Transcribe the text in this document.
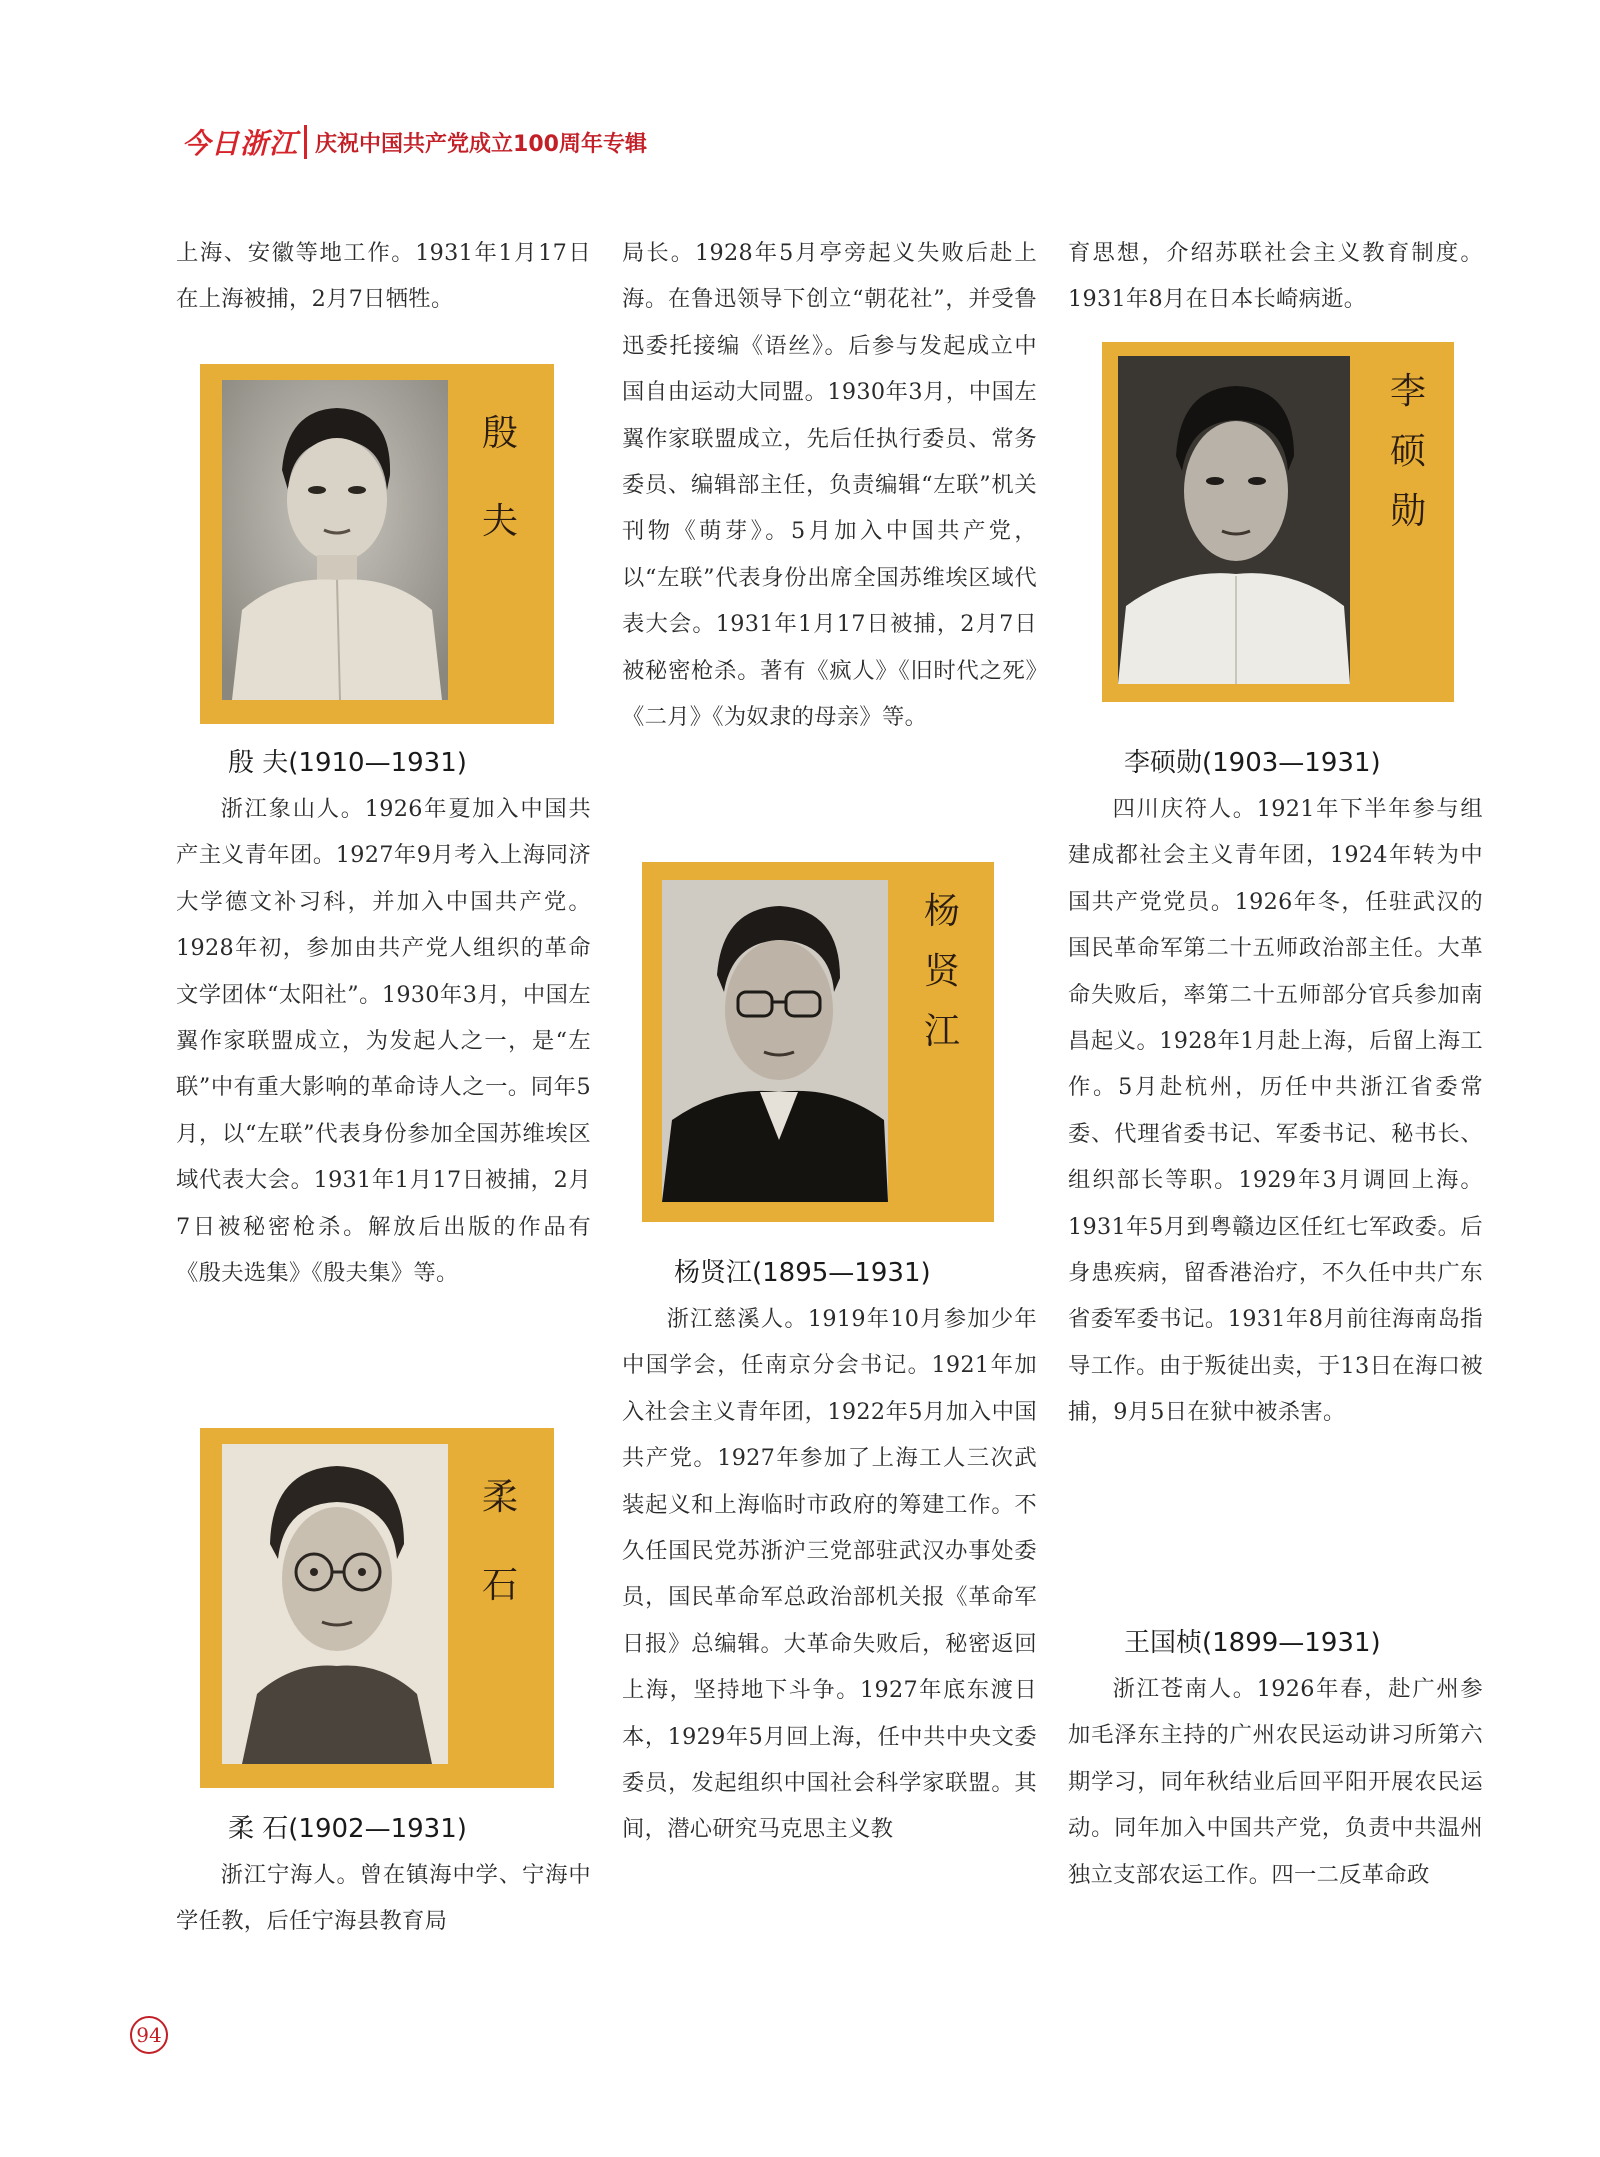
今日浙江 庆祝中国共产党成立100周年专辑

上海、安徽等地工作。1931年1月17日在上海被捕，2月7日牺牲。

殷
夫
殷 夫(1910—1931)

浙江象山人。1926年夏加入中国共产主义青年团。1927年9月考入上海同济大学德文补习科，并加入中国共产党。1928年初，参加由共产党人组织的革命文学团体“太阳社”。1930年3月，中国左翼作家联盟成立，为发起人之一，是“左联”中有重大影响的革命诗人之一。同年5月，以“左联”代表身份参加全国苏维埃区域代表大会。1931年1月17日被捕，2月7日被秘密枪杀。解放后出版的作品有《殷夫选集》《殷夫集》等。

柔
石
柔 石(1902—1931)

浙江宁海人。曾在镇海中学、宁海中学任教，后任宁海县教育局

局长。1928年5月亭旁起义失败后赴上海。在鲁迅领导下创立“朝花社”，并受鲁迅委托接编《语丝》。后参与发起成立中国自由运动大同盟。1930年3月，中国左翼作家联盟成立，先后任执行委员、常务委员、编辑部主任，负责编辑“左联”机关刊物《萌芽》。5月加入中国共产党，以“左联”代表身份出席全国苏维埃区域代表大会。1931年1月17日被捕，2月7日被秘密枪杀。著有《疯人》《旧时代之死》《二月》《为奴隶的母亲》等。

杨
贤
江
杨贤江(1895—1931)

浙江慈溪人。1919年10月参加少年中国学会，任南京分会书记。1921年加入社会主义青年团，1922年5月加入中国共产党。1927年参加了上海工人三次武装起义和上海临时市政府的筹建工作。不久任国民党苏浙沪三党部驻武汉办事处委员，国民革命军总政治部机关报《革命军日报》总编辑。大革命失败后，秘密返回上海，坚持地下斗争。1927年底东渡日本，1929年5月回上海，任中共中央文委委员，发起组织中国社会科学家联盟。其间，潜心研究马克思主义教

育思想，介绍苏联社会主义教育制度。1931年8月在日本长崎病逝。

李
硕
勋
李硕勋(1903—1931)

四川庆符人。1921年下半年参与组建成都社会主义青年团，1924年转为中国共产党党员。1926年冬，任驻武汉的国民革命军第二十五师政治部主任。大革命失败后，率第二十五师部分官兵参加南昌起义。1928年1月赴上海，后留上海工作。5月赴杭州，历任中共浙江省委常委、代理省委书记、军委书记、秘书长、组织部长等职。1929年3月调回上海。1931年5月到粤赣边区任红七军政委。后身患疾病，留香港治疗，不久任中共广东省委军委书记。1931年8月前往海南岛指导工作。由于叛徒出卖，于13日在海口被捕，9月5日在狱中被杀害。

王国桢(1899—1931)

浙江苍南人。1926年春，赴广州参加毛泽东主持的广州农民运动讲习所第六期学习，同年秋结业后回平阳开展农民运动。同年加入中国共产党，负责中共温州独立支部农运工作。四一二反革命政

94
